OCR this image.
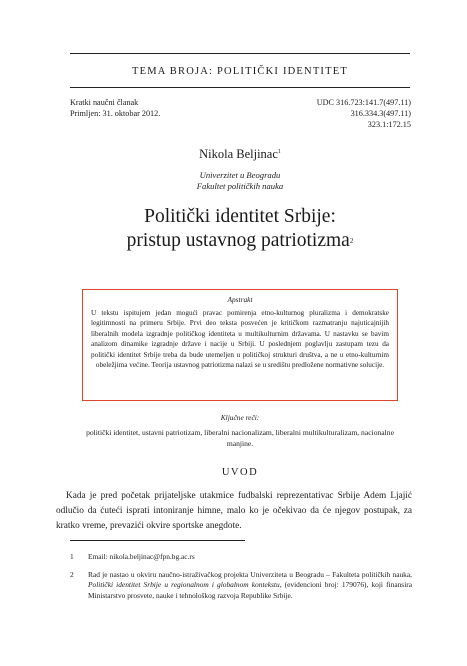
TEMA BROJA: POLITIČKI IDENTITET
Kratki naučni članak
Primljen: 31. oktobar 2012.
UDC 316.723:141.7(497.11)
316.334.3(497.11)
323.1:172.15
Nikola Beljinac$^1$
Univerzitet u Beogradu
Fakultet političkih nauka
Politički identitet Srbije:
pristup ustavnog patriotizma$^2$
Apstrakt

U tekstu ispitujem jedan mogući pravac pomirenja etno-kulturnog pluralizma i demokratske legitimnosti na primeru Srbije. Prvi deo teksta posvećen je kritičkom razmatranju najuticajnijih liberalnih modela izgradnje političkog identiteta u multikulturnim državama. U nastavku se bavim analizom dinamike izgradnje države i nacije u Srbiji. U poslednjem poglavlju zastupam tezu da politički identitet Srbije treba da bude utemeljen u političkoj strukturi društva, a ne u etno-kulturnim obeležjima većine. Teorija ustavnog patriotizma nalazi se u središtu predložene normativne solucije.

Ključne reči:
politički identitet, ustavni patriotizam, liberalni nacionalizam, liberalni multikulturalizam, nacionalne manjine.
UVOD

Kada je pred početak prijateljske utakmice fudbalski reprezentativac Srbije Adem Ljajić odlučio da ćuteći isprati intoniranje himne, malo ko je očekivao da će njegov postupak, za kratko vreme, prevazići okvire sportske anegdote.

1 Email: nikola.beljinac@fpn.bg.ac.rs
2 Rad je nastao u okviru naučno-istraživačkog projekta Univerziteta u Beogradu – Fakulteta političkih nauka, Politički identitet Srbije u regionalnom i globalnom kontekstu, (evidencioni broj: 179076), koji finansira Ministarstvo prosvete, nauke i tehnološkog razvoja Republike Srbije.
